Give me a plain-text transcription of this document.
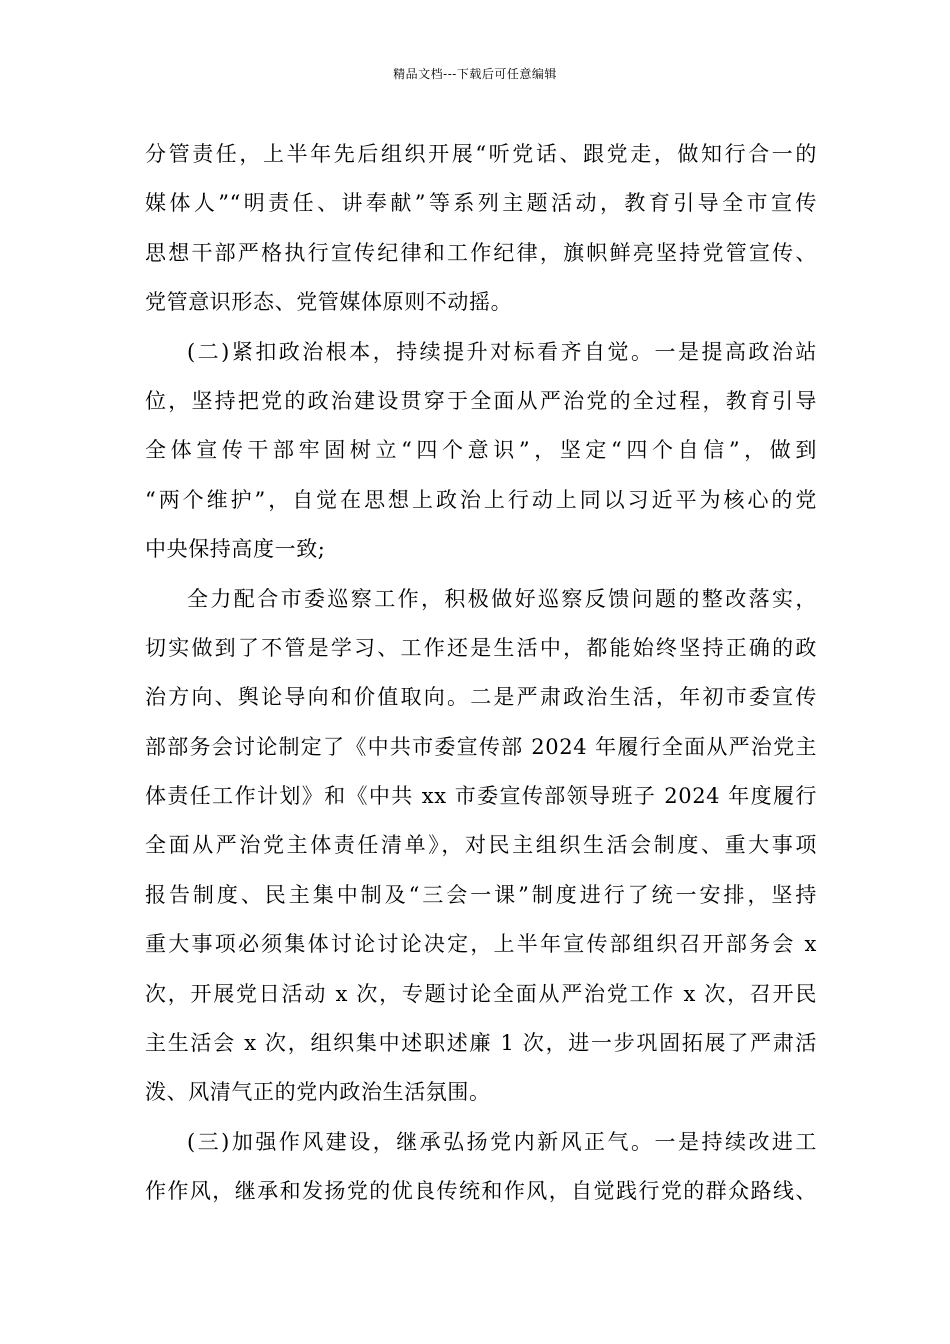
精品文档---下载后可任意编辑
分管责任，上半年先后组织开展“听党话、跟党走，做知行合一的
媒体人”“明责任、讲奉献”等系列主题活动，教育引导全市宣传
思想干部严格执行宣传纪律和工作纪律，旗帜鲜亮坚持党管宣传、
党管意识形态、党管媒体原则不动摇。
(二)紧扣政治根本，持续提升对标看齐自觉。一是提高政治站
位，坚持把党的政治建设贯穿于全面从严治党的全过程，教育引导
全体宣传干部牢固树立“四个意识”，坚定“四个自信”，做到
“两个维护”，自觉在思想上政治上行动上同以习近平为核心的党
中央保持高度一致;
全力配合市委巡察工作，积极做好巡察反馈问题的整改落实，
切实做到了不管是学习、工作还是生活中，都能始终坚持正确的政
治方向、舆论导向和价值取向。二是严肃政治生活，年初市委宣传
部部务会讨论制定了《中共市委宣传部 2024 年履行全面从严治党主
体责任工作计划》和《中共 xx 市委宣传部领导班子 2024 年度履行
全面从严治党主体责任清单》，对民主组织生活会制度、重大事项
报告制度、民主集中制及“三会一课”制度进行了统一安排，坚持
重大事项必须集体讨论讨论决定，上半年宣传部组织召开部务会 x
次，开展党日活动 x 次，专题讨论全面从严治党工作 x 次，召开民
主生活会 x 次，组织集中述职述廉 1 次，进一步巩固拓展了严肃活
泼、风清气正的党内政治生活氛围。
(三)加强作风建设，继承弘扬党内新风正气。一是持续改进工
作作风，继承和发扬党的优良传统和作风，自觉践行党的群众路线、
